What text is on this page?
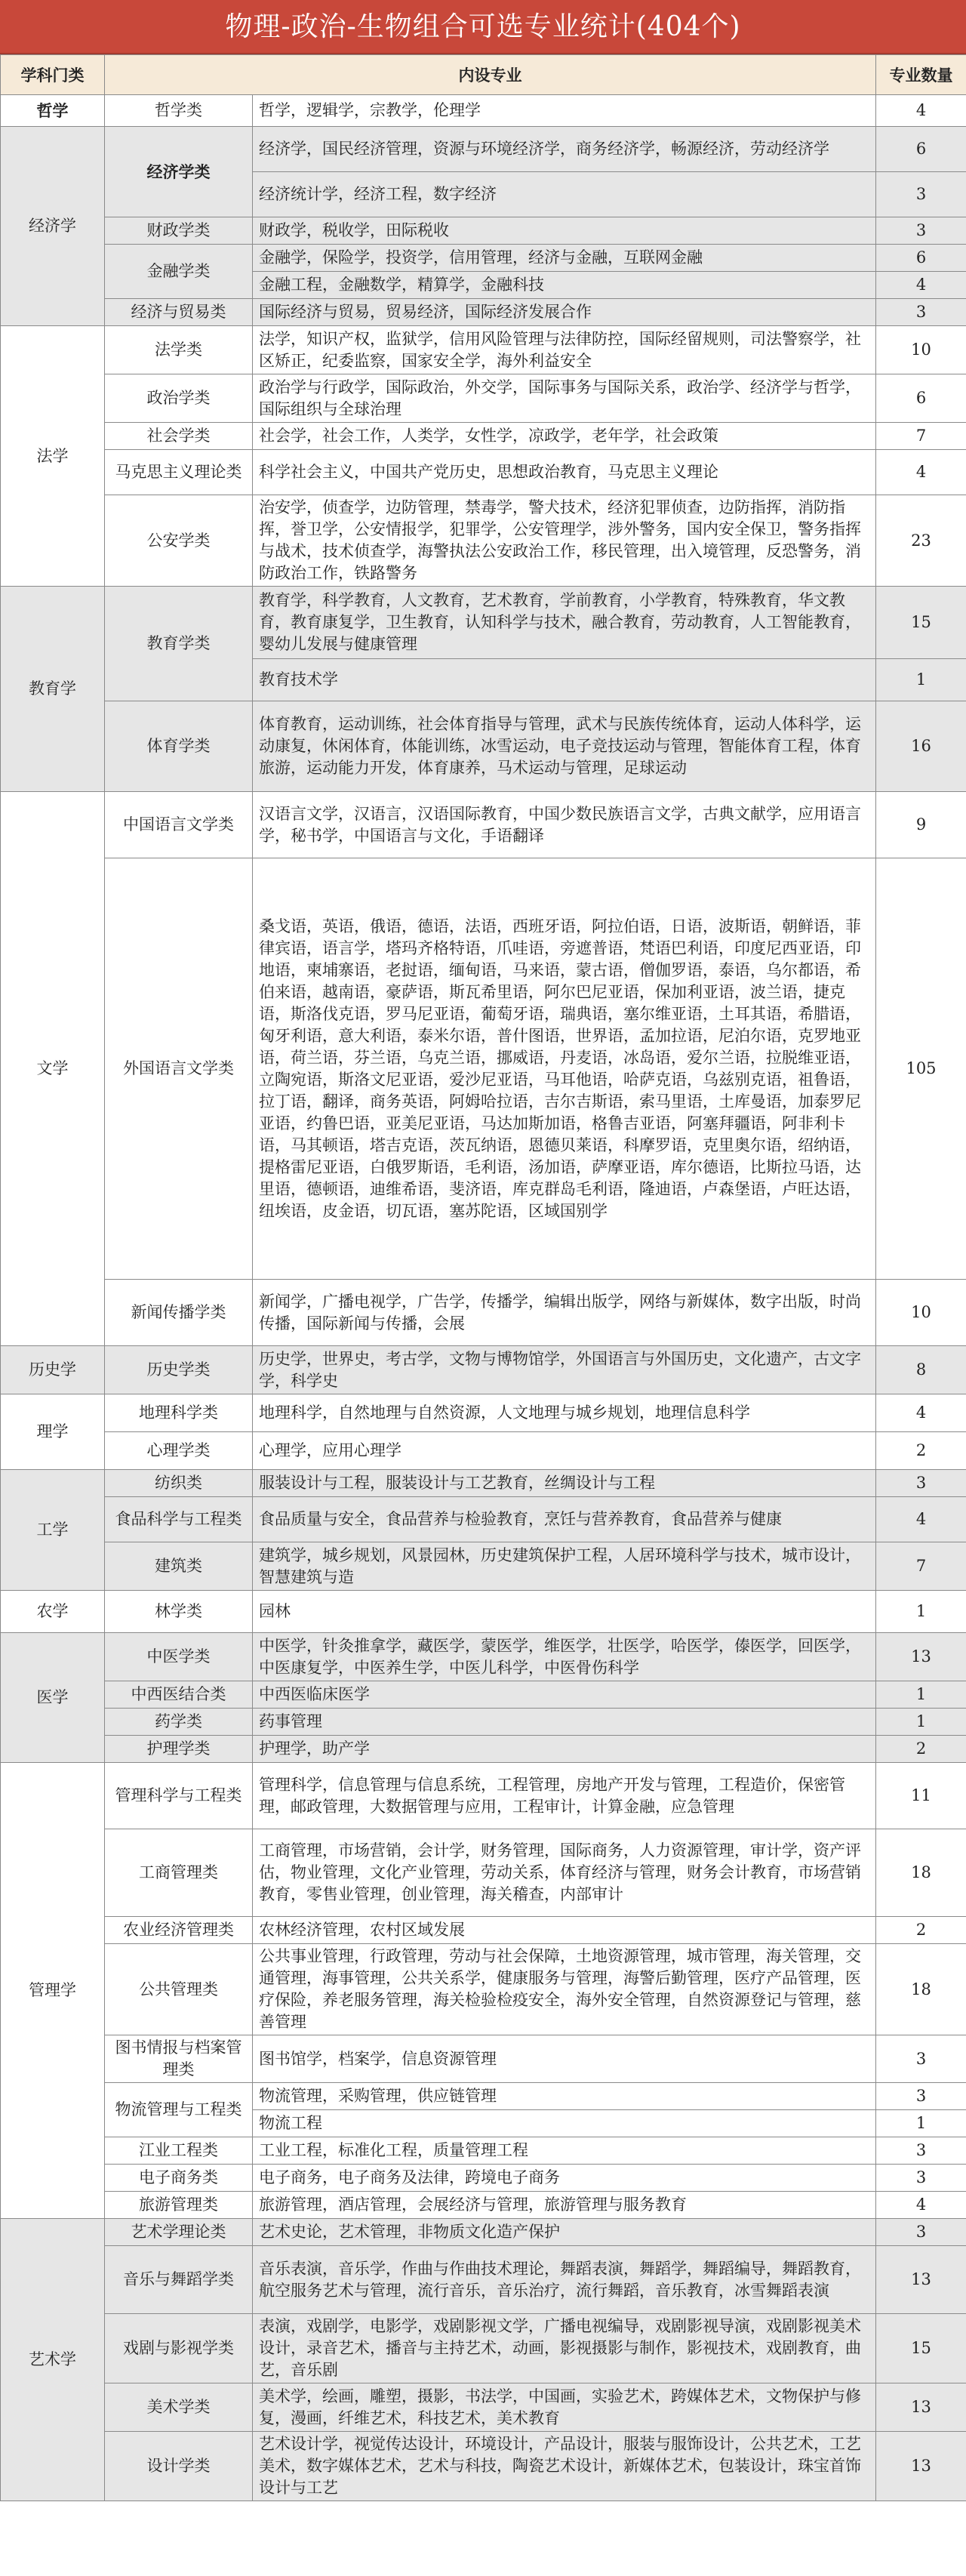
物理-政治-生物组合可选专业统计(404个)
学科门类	内设专业		专业数量
哲学	哲学类	哲学，逻辑学，宗教学，伦理学	4
经济学	经济学类	经济学，国民经济管理，资源与环境经济学，商务经济学，畅源经济，劳动经济学	6
		经济统计学，经济工程，数字经济	3
	财政学类	财政学，税收学，田际税收	3
	金融学类	金融学，保险学，投资学，信用管理，经济与金融，互联网金融	6
		金融工程，金融数学，精算学，金融科技	4
	经济与贸易类	国际经济与贸易，贸易经济，国际经济发展合作	3
法学	法学类	法学，知识产权，监狱学，信用风险管理与法律防控，国际经留规则，司法警察学，社区矫正，纪委监察，国家安全学，海外利益安全	10
	政治学类	政治学与行政学，国际政治，外交学，国际事务与国际关系，政治学、经济学与哲学，国际组织与全球治理	6
	社会学类	社会学，社会工作，人类学，女性学，凉政学，老年学，社会政策	7
	马克思主义理论类	科学社会主义，中国共产党历史，思想政治教育，马克思主义理论	4
	公安学类	治安学，侦查学，边防管理，禁毒学，警犬技术，经济犯罪侦查，边防指挥，消防指挥，誉卫学，公安情报学，犯罪学，公安管理学，涉外警务，国内安全保卫，警务指挥与战术，技术侦查学，海警执法公安政治工作，移民管理，出入境管理，反恐警务，消防政治工作，铁路警务	23
教育学	教育学类	教育学，科学教育，人文教育，艺术教育，学前教育，小学教育，特殊教育，华文教育，教育康复学，卫生教育，认知科学与技术，融合教育，劳动教育，人工智能教育，婴幼儿发展与健康管理	15
		教育技术学	1
	体育学类	体育教育，运动训练，社会体育指导与管理，武术与民族传统体育，运动人体科学，运动康复，休闲体育，体能训练，冰雪运动，电子竞技运动与管理，智能体育工程，体育旅游，运动能力开发，体育康养，马术运动与管理，足球运动	16
文学	中国语言文学类	汉语言文学，汉语言，汉语国际教育，中国少数民族语言文学，古典文献学，应用语言学，秘书学，中国语言与文化，手语翻译	9
	外国语言文学类	桑戈语，英语，俄语，德语，法语，西班牙语，阿拉伯语，日语，波斯语，朝鲜语，菲律宾语，语言学，塔玛齐格特语，爪哇语，旁遮普语，梵语巴利语，印度尼西亚语，印地语，柬埔寨语，老挝语，缅甸语，马来语，蒙古语，僧伽罗语，泰语，乌尔都语，希伯来语，越南语，豪萨语，斯瓦希里语，阿尔巴尼亚语，保加利亚语，波兰语，捷克语，斯洛伐克语，罗马尼亚语，葡萄牙语，瑞典语，塞尔维亚语，土耳其语，希腊语，匈牙利语，意大利语，泰米尔语，普什图语，世界语，孟加拉语，尼泊尔语，克罗地亚语，荷兰语，芬兰语，乌克兰语，挪威语，丹麦语，冰岛语，爱尔兰语，拉脱维亚语，立陶宛语，斯洛文尼亚语，爱沙尼亚语，马耳他语，哈萨克语，乌兹别克语，祖鲁语，拉丁语，翻译，商务英语，阿姆哈拉语，吉尔吉斯语，索马里语，土库曼语，加泰罗尼亚语，约鲁巴语，亚美尼亚语，马达加斯加语，格鲁吉亚语，阿塞拜疆语，阿非利卡语，马其顿语，塔吉克语，茨瓦纳语，恩德贝莱语，科摩罗语，克里奥尔语，绍纳语，提格雷尼亚语，白俄罗斯语，毛利语，汤加语，萨摩亚语，库尔德语，比斯拉马语，达里语，德顿语，迪维希语，斐济语，库克群岛毛利语，隆迪语，卢森堡语，卢旺达语，纽埃语，皮金语，切瓦语，塞苏陀语，区域国别学	105
	新闻传播学类	新闻学，广播电视学，广告学，传播学，编辑出版学，网络与新媒体，数字出版，时尚传播，国际新闻与传播，会展	10
历史学	历史学类	历史学，世界史，考古学，文物与博物馆学，外国语言与外国历史，文化遗产，古文字学，科学史	8
理学	地理科学类	地理科学，自然地理与自然资源，人文地理与城乡规划，地理信息科学	4
	心理学类	心理学，应用心理学	2
工学	纺织类	服装设计与工程，服装设计与工艺教育，丝绸设计与工程	3
	食品科学与工程类	食品质量与安全，食品营养与检验教育，烹饪与营养教育，食品营养与健康	4
	建筑类	建筑学，城乡规划，风景园林，历史建筑保护工程，人居环境科学与技术，城市设计，智慧建筑与造	7
农学	林学类	园林	1
医学	中医学类	中医学，针灸推拿学，藏医学，蒙医学，维医学，壮医学，哈医学，傣医学，回医学，中医康复学，中医养生学，中医儿科学，中医骨伤科学	13
	中西医结合类	中西医临床医学	1
	药学类	药事管理	1
	护理学类	护理学，助产学	2
管理学	管理科学与工程类	管理科学，信息管理与信息系统，工程管理，房地产开发与管理，工程造价，保密管理，邮政管理，大数据管理与应用，工程审计，计算金融，应急管理	11
	工商管理类	工商管理，市场营销，会计学，财务管理，国际商务，人力资源管理，审计学，资产评估，物业管理，文化产业管理，劳动关系，体育经济与管理，财务会计教育，市场营销教育，零售业管理，创业管理，海关稽查，内部审计	18
	农业经济管理类	农林经济管理，农村区域发展	2
	公共管理类	公共事业管理，行政管理，劳动与社会保障，土地资源管理，城市管理，海关管理，交通管理，海事管理，公共关系学，健康服务与管理，海警后勤管理，医疗产品管理，医疗保险，养老服务管理，海关检验检疫安全，海外安全管理，自然资源登记与管理，慈善管理	18
	图书情报与档案管理类	图书馆学，档案学，信息资源管理	3
	物流管理与工程类	物流管理，采购管理，供应链管理	3
		物流工程	1
	江业工程类	工业工程，标准化工程，质量管理工程	3
	电子商务类	电子商务，电子商务及法律，跨境电子商务	3
	旅游管理类	旅游管理，酒店管理，会展经济与管理，旅游管理与服务教育	4
艺术学	艺术学理论类	艺术史论，艺术管理，非物质文化造产保护	3
	音乐与舞蹈学类	音乐表演，音乐学，作曲与作曲技术理论，舞蹈表演，舞蹈学，舞蹈编导，舞蹈教育，航空服务艺术与管理，流行音乐，音乐治疗，流行舞蹈，音乐教育，冰雪舞蹈表演	13
	戏剧与影视学类	表演，戏剧学，电影学，戏剧影视文学，广播电视编导，戏剧影视导演，戏剧影视美术设计，录音艺术，播音与主持艺术，动画，影视摄影与制作，影视技术，戏剧教育，曲艺，音乐剧	15
	美术学类	美术学，绘画，雕塑，摄影，书法学，中国画，实验艺术，跨媒体艺术，文物保护与修复，漫画，纤维艺术，科技艺术，美术教育	13
	设计学类	艺术设计学，视觉传达设计，环境设计，产品设计，服装与服饰设计，公共艺术，工艺美术，数字媒体艺术，艺术与科技，陶瓷艺术设计，新媒体艺术，包装设计，珠宝首饰设计与工艺	13
